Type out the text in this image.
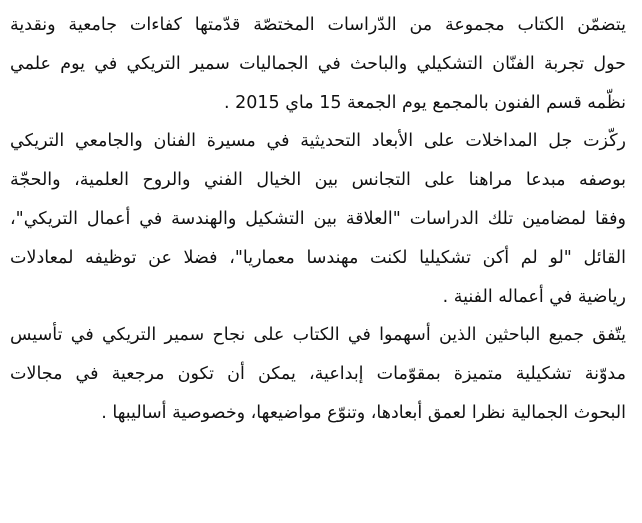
يتضمّن الكتاب مجموعة من الدّراسات المختصّة قدّمتها كفاءات جامعية ونقدية
حول تجربة الفنّان التشكيلي والباحث في الجماليات سمير التريكي في يوم علمي
نظّمه قسم الفنون بالمجمع يوم الجمعة 15 ماي 2015 .
ركّزت جل المداخلات على الأبعاد التحديثية في مسيرة الفنان والجامعي التريكي
بوصفه مبدعا مراهنا على التجانس بين الخيال الفني والروح العلمية، والحجّة
وفقا لمضامين تلك الدراسات "العلاقة بين التشكيل والهندسة في أعمال التريكي"،
القائل "لو لم أكن تشكيليا لكنت مهندسا معماريا"، فضلا عن توظيفه لمعادلات
رياضية في أعماله الفنية .
يتّفق جميع الباحثين الذين أسهموا في الكتاب على نجاح سمير التريكي في تأسيس
مدوّنة تشكيلية متميزة بمقوّمات إبداعية، يمكن أن تكون مرجعية في مجالات
البحوث الجمالية نظرا لعمق أبعادها، وتنوّع مواضيعها، وخصوصية أساليبها .
